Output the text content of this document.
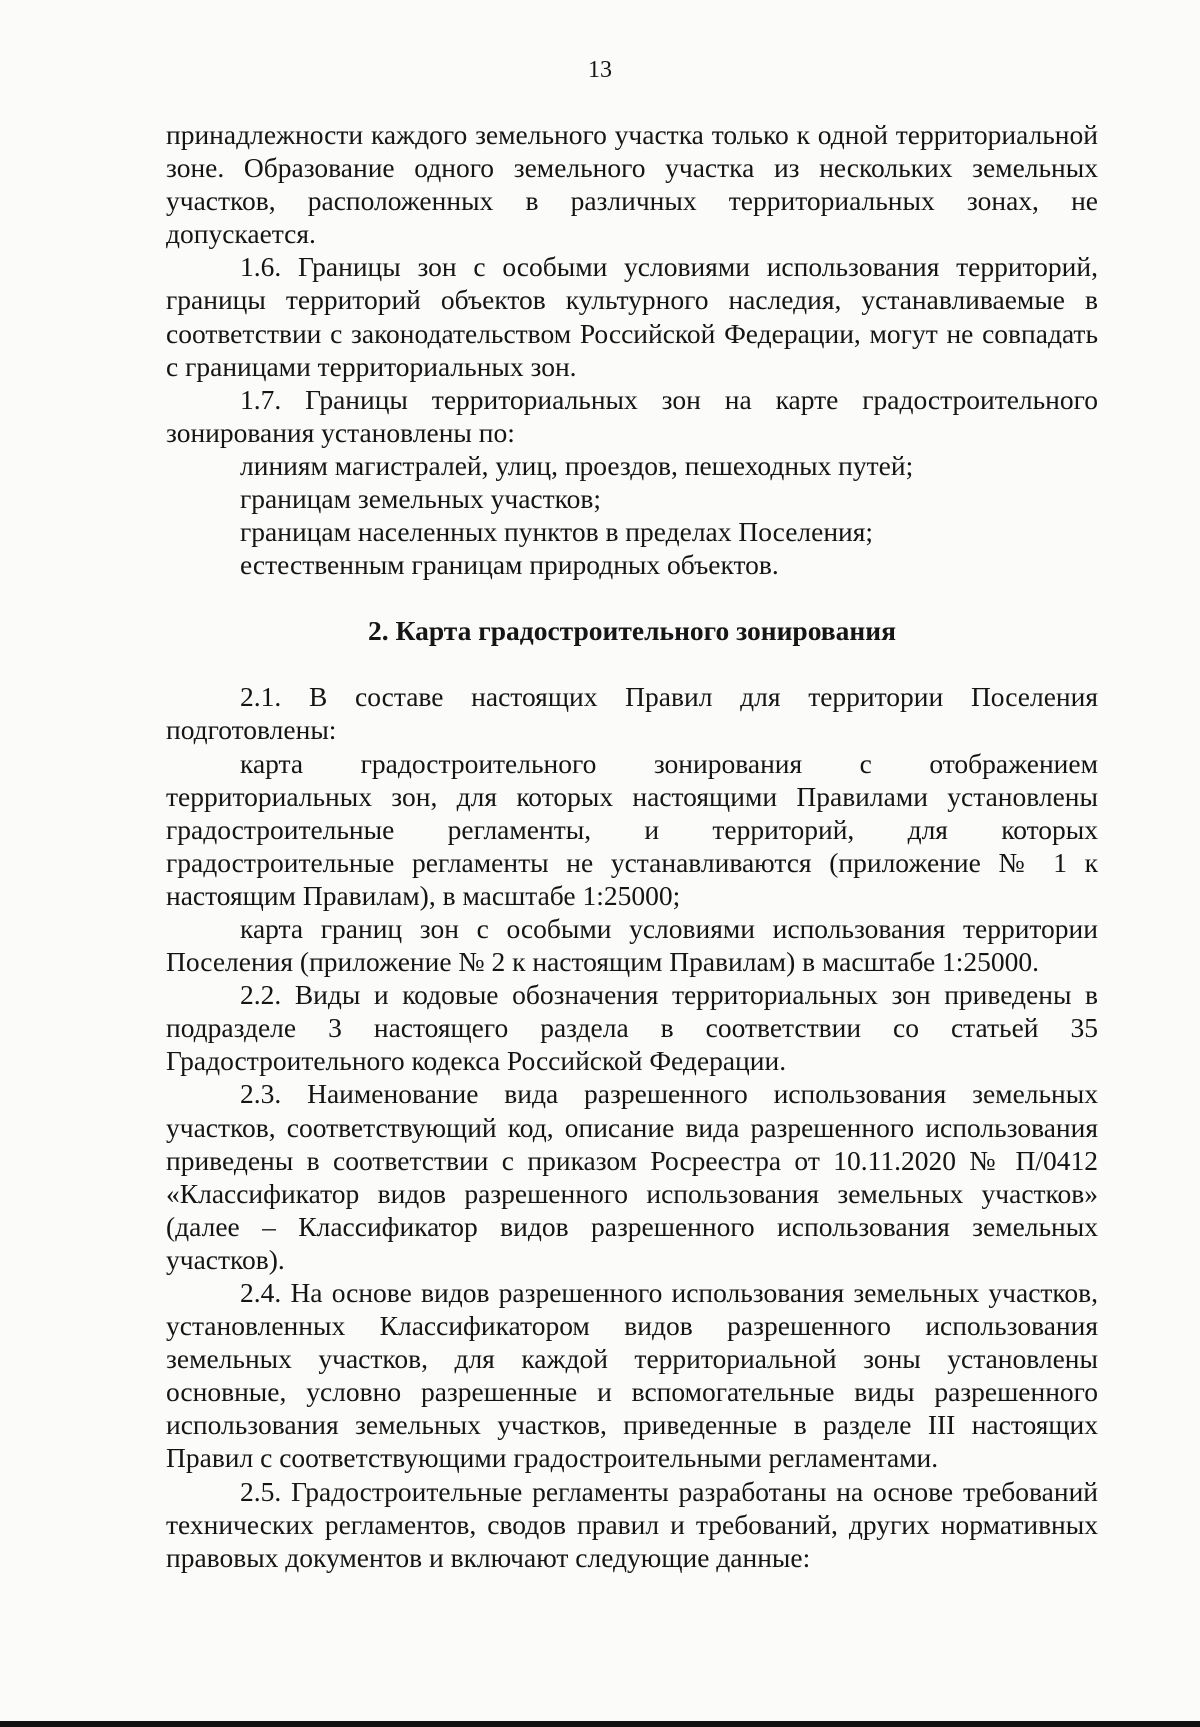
13

принадлежности каждого земельного участка только к одной территориальной зоне. Образование одного земельного участка из нескольких земельных участков, расположенных в различных территориальных зонах, не допускается.

1.6. Границы зон с особыми условиями использования территорий, границы территорий объектов культурного наследия, устанавливаемые в соответствии с законодательством Российской Федерации, могут не совпадать с границами территориальных зон.

1.7. Границы территориальных зон на карте градостроительного зонирования установлены по:

линиям магистралей, улиц, проездов, пешеходных путей;

границам земельных участков;

границам населенных пунктов в пределах Поселения;

естественным границам природных объектов.

2. Карта градостроительного зонирования

2.1. В составе настоящих Правил для территории Поселения подготовлены:

карта градостроительного зонирования с отображением территориальных зон, для которых настоящими Правилами установлены градостроительные регламенты, и территорий, для которых градостроительные регламенты не устанавливаются (приложение № 1 к настоящим Правилам), в масштабе 1:25000;

карта границ зон с особыми условиями использования территории Поселения (приложение № 2 к настоящим Правилам) в масштабе 1:25000.

2.2. Виды и кодовые обозначения территориальных зон приведены в подразделе 3 настоящего раздела в соответствии со статьей 35 Градостроительного кодекса Российской Федерации.

2.3. Наименование вида разрешенного использования земельных участков, соответствующий код, описание вида разрешенного использования приведены в соответствии с приказом Росреестра от 10.11.2020 № П/0412 «Классификатор видов разрешенного использования земельных участков» (далее – Классификатор видов разрешенного использования земельных участков).

2.4. На основе видов разрешенного использования земельных участков, установленных Классификатором видов разрешенного использования земельных участков, для каждой территориальной зоны установлены основные, условно разрешенные и вспомогательные виды разрешенного использования земельных участков, приведенные в разделе III настоящих Правил с соответствующими градостроительными регламентами.

2.5. Градостроительные регламенты разработаны на основе требований технических регламентов, сводов правил и требований, других нормативных правовых документов и включают следующие данные:
